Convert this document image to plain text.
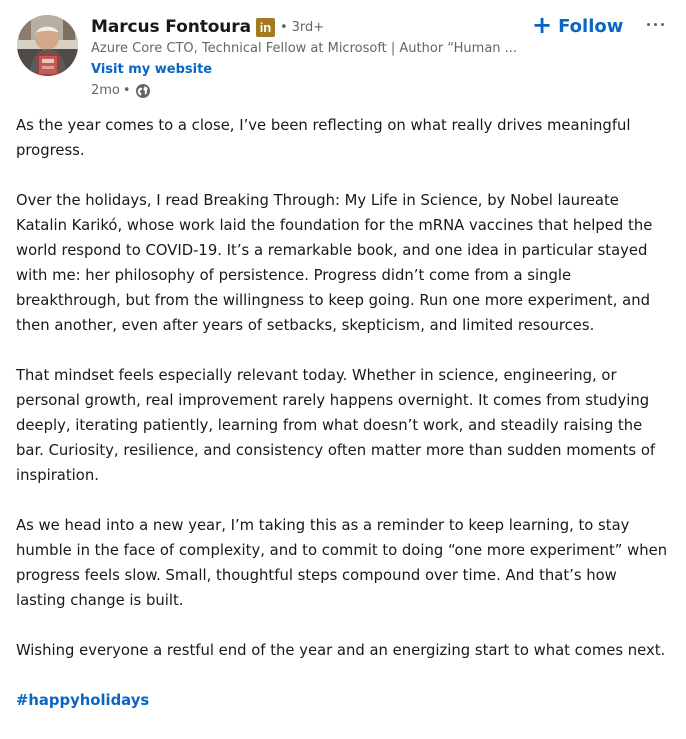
Marcus Fontoura in • 3rd+
Azure Core CTO, Technical Fellow at Microsoft | Author “Human ...
Visit my website
2mo •
+ Follow

As the year comes to a close, I’ve been reflecting on what really drives meaningful progress.

Over the holidays, I read Breaking Through: My Life in Science, by Nobel laureate Katalin Karikó, whose work laid the foundation for the mRNA vaccines that helped the world respond to COVID-19. It’s a remarkable book, and one idea in particular stayed with me: her philosophy of persistence. Progress didn’t come from a single breakthrough, but from the willingness to keep going. Run one more experiment, and then another, even after years of setbacks, skepticism, and limited resources.

That mindset feels especially relevant today. Whether in science, engineering, or personal growth, real improvement rarely happens overnight. It comes from studying deeply, iterating patiently, learning from what doesn’t work, and steadily raising the bar. Curiosity, resilience, and consistency often matter more than sudden moments of inspiration.

As we head into a new year, I’m taking this as a reminder to keep learning, to stay humble in the face of complexity, and to commit to doing “one more experiment” when progress feels slow. Small, thoughtful steps compound over time. And that’s how lasting change is built.

Wishing everyone a restful end of the year and an energizing start to what comes next.

#happyholidays
